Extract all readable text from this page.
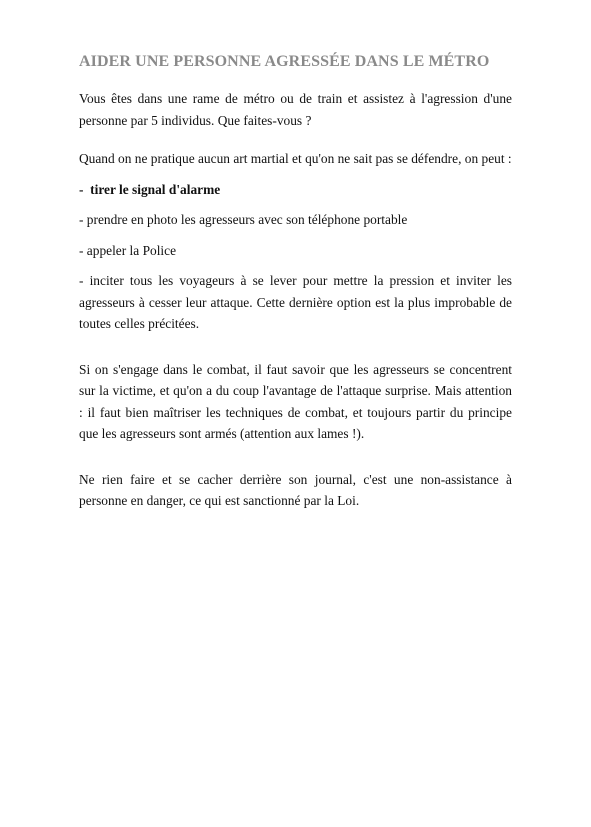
AIDER UNE PERSONNE AGRESSÉE DANS LE MÉTRO

Vous êtes dans une rame de métro ou de train et assistez à l'agression d'une personne par 5 individus. Que faites-vous ?

Quand on ne pratique aucun art martial et qu'on ne sait pas se défendre, on peut :

-  tirer le signal d'alarme

- prendre en photo les agresseurs avec son téléphone portable

- appeler la Police

- inciter tous les voyageurs à se lever pour mettre la pression et inviter les agresseurs à cesser leur attaque. Cette dernière option est la plus improbable de toutes celles précitées.

Si on s'engage dans le combat, il faut savoir que les agresseurs se concentrent sur la victime, et qu'on a du coup l'avantage de l'attaque surprise. Mais attention : il faut bien maîtriser les techniques de combat, et toujours partir du principe que les agresseurs sont armés (attention aux lames !).

Ne rien faire et se cacher derrière son journal, c'est une non-assistance à personne en danger, ce qui est sanctionné par la Loi.
